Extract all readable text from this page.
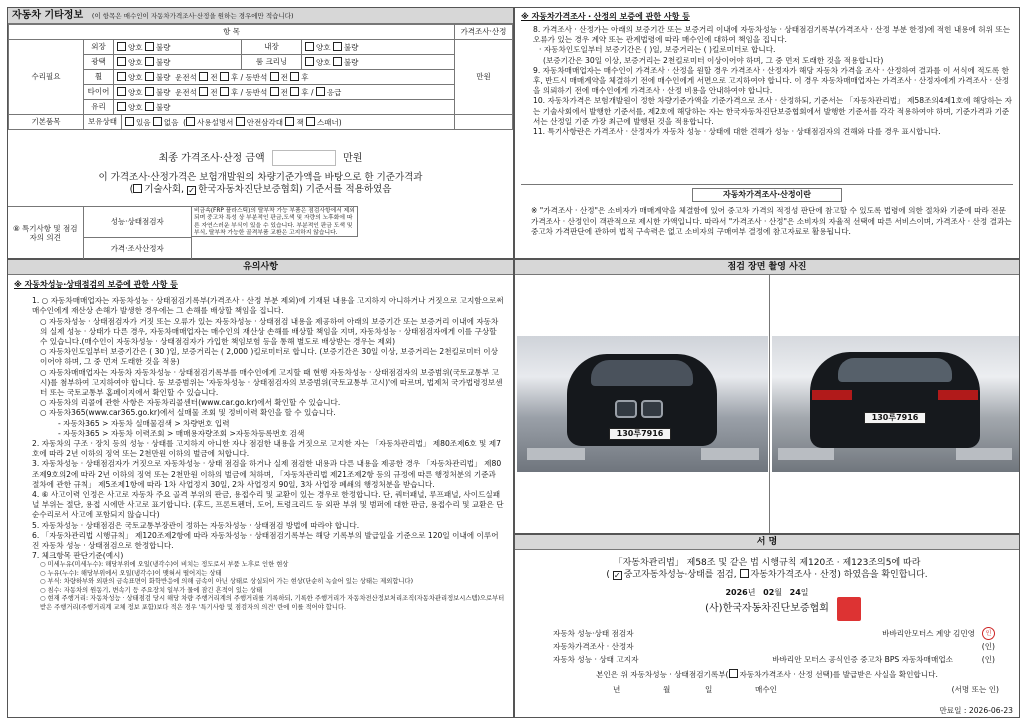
자동차 기타정보 (이 항목은 매수인이 자동차가격조사·산정을 원하는 경우에만 적습니다)
항 목					가격조사·산정
수리필요	외장	양호 불량	내장	양호 불량	만원
	광택	양호 불량	룸 크리닝	양호 불량	
	휠	양호 불량 운전석 전 후 / 동반석 전 후			
	타이어	양호 불량 운전석 전 후 / 동반석 전 후 / 응급			
	유리	양호 불량			

기본품목	보유상태	있음 없음  ( 사용설명서 안전삼각대 잭 스패너)	
최종 가격조사·산정 금액	만원

이 가격조사·산정가격은 보험개발원의 차량기준가액을 바탕으로 한 기준가격과

( 기술사회, ✓ 한국자동차진단보증협회) 기준서를 적용하였음

⑧ 특기사항 및 점검자의 의견	성능·상태점검자
가격·조사산정자
비금속(FRP 플라스틱)의 탈부착 가능 부품은 점검사항에서 제외되며 중고차 특성 상 부분적인 판금,도색 및 자량의 노후화에 따른 자연스러운 부식이 있을 수 있습니다. 부분적인 판금 도색 및 부식, 탈부착 가능한 골격부품 교환은 고지하지 않습니다.

※ 자동차가격조사・산정의 보증에 관한 사항 등

8. 가격조사 · 산정가는 아래의 보증기간 또는 보증거리 이내에 자동차성능 · 상태점검기록부(가격조사 · 산정 부분 한정)에 적힌 내용에 허위 또는 오류가 있는 경우 계약 또는 관계법령에 따라 매수인에 대하여 책임을 집니다.

· 자동차인도일부터 보증기간은 ( )일, 보증거리는 ( )킬로미터로 합니다.

(보증기간은 30일 이상, 보증거리는 2천킬로미터 이상이어야 하며, 그 중 먼저 도래한 것을 적용합니다)

9. 자동차매매업자는 매수인이 가격조사 · 산정을 원할 경우 가격조사 · 산정자가 해당 자동차 가격을 조사 · 산정하여 결과를 이 서식에 적도록 한 후, 반드시 매매계약을 체결하기 전에 매수인에게 서면으로 고지하여야 합니다. 이 경우 자동차매매업자는 가격조사 · 산정자에게 가격조사 · 산정을 의뢰하기 전에 매수인에게 가격조사 · 산정 비용을 안내하여야 합니다.

10. 자동차가격은 보험개발원이 정한 차량기준가액을 기준가격으로 조사 · 산정하되, 기준서는 「자동차관리법」 제58조의4제1호에 해당하는 자는 기술사회에서 발행한 기준서를, 제2호에 해당하는 자는 한국자동차진단보증협회에서 발행한 기준서를 각각 적용하여야 하며, 기준가격과 기준서는 산정일 기준 가장 최근에 발행된 것을 적용합니다.

11. 특기사항란은 가격조사 · 산정자가 자동차 성능 · 상태에 대한 견해가 성능 · 상태점검자의 견해와 다를 경우 표시합니다.

자동차가격조사·산정이란

※ "가격조사 · 산정"은 소비자가 매매계약을 체결함에 있어 중고차 가격의 적정성 판단에 참고할 수 있도록 법령에 의한 절차와 기준에 따라 전문 가격조사 · 산정인이 객관적으로 제시한 가액입니다. 따라서 "가격조사 · 산정"은 소비자의 자율적 선택에 따른 서비스이며, 가격조사 · 산정 결과는 중고차 가격판단에 관하여 법적 구속력은 없고 소비자의 구매여부 결정에 참고자료로 활용됩니다.

유의사항

※ 자동차성능·상태점검의 보증에 관한 사항 등

1. ○ 자동차매매업자는 자동차성능 · 상태점검기록부(가격조사 · 산정 부분 제외)에 기재된 내용을 고지하지 아니하거나 거짓으로 고지함으로써 매수인에게 재산상 손해가 발생한 경우에는 그 손해를 배상할 책임을 집니다.

○ 자동차성능 · 상태점검자가 거짓 또는 오류가 있는 자동차성능 · 상태점검 내용을 제공하여 아래의 보증기간 또는 보증거리 이내에 자동차의 실제 성능 · 상태가 다른 경우, 자동차매매업자는 매수인의 재산상 손해를 배상할 책임을 지며, 자동차성능 · 상태점검자에게 이를 구상할 수 있습니다.(매수인이 자동차성능 · 상태점검자가 가입한 책임보험 등을 통해 별도로 배상받는 경우는 제외)

○ 자동차인도일부터 보증기간은 ( 30 )일, 보증거리는 ( 2,000 )킬로미터로 합니다. (보증기간은 30일 이상, 보증거리는 2천킬로미터 이상이어야 하며, 그 중 먼저 도래한 것을 적용)

○ 자동차매매업자는 자동차 자동차성능 · 상태점검기록부를 매수인에게 고지할 때 현행 자동차성능 · 상태점검자의 보증범위(국토교통부 고시)를 첨부하여 고지하여야 합니다. 동 보증범위는 '자동차성능 · 상태점검자의 보증범위(국토교통부 고시)'에 따르며, 법제처 국가법령정보센터 또는 국토교통부 홈페이지에서 확인할 수 있습니다.

○ 자동차의 리콜에 관한 사항은 자동차리콜센터(www.car.go.kr)에서 확인할 수 있습니다.

○ 자동차365(www.car365.go.kr)에서 실매물 조회 및 정비이력 확인을 할 수 있습니다.

- 자동차365 > 자동차 실매물검색 > 차량번호 입력

- 자동차365 > 자동차 이력조회 > 매매용자량조회 >자동차등록번호 검색

2. 자동차의 구조 · 장치 등의 성능 · 상태를 고지하지 아니한 자나 점검한 내용을 거짓으로 고지한 자는 「자동차관리법」 제80조제6호 및 제7호에 따라 2년 이하의 징역 또는 2천만원 이하의 벌금에 처합니다.

3. 자동차성능 · 상태점검자가 거짓으로 자동차성능 · 상태 점검을 하거나 실제 점검한 내용과 다른 내용을 제공한 경우 「자동차관리법」 제80조제9호의2에 따라 2년 이하의 징역 또는 2천만원 이하의 벌금에 처하며, 「자동차관리법 제21조제2항 등의 규정에 따른 행정처분의 기준과 절차에 관한 규칙」 제5조제1항에 따라 1차 사업정지 30일, 2차 사업정지 90일, 3차 사업장 폐쇄의 행정처분을 받습니다.

4. ⑥ 사고이력 인정은 사고로 자동차 주요 골격 부위의 판금, 용접수리 및 교환이 있는 경우로 한정합니다. 단, 쿼터패널, 루프패널, 사이드실패널 부위는 절단, 용접 시에만 사고로 표기합니다. (후드, 프론트펜더, 도어, 트렁크리드 등 외판 부위 및 범퍼에 대한 판금, 용접수리 및 교환은 단순수리로서 사고에 포함되지 않습니다)

5. 자동차성능 · 상태점검은 국토교통부장관이 정하는 자동차성능 · 상태점검 방법에 따라야 합니다.

6. 「자동차관리법 시행규칙」 제120조제2항에 따라 자동차성능 · 상태점검기록부는 해당 기록부의 발급일을 기준으로 120일 이내에 이루어진 자동차 성능 · 상태점검으로 한정합니다.

7. 체크항목 판단기준(예시)

○ 미세누유(미세누수): 해당부위에 오일(냉각수)이 비치는 정도로서 부품 노후로 인한 현상

○ 누유(누수): 해당부위에서 오일(냉각수)이 맺혀서 떨어지는 상태

○ 부식: 차량하부와 외판의 금속표면이 화학반응에 의해 금속이 아닌 상태로 상실되어 가는 현상(단순히 녹슬어 있는 상태는 제외합니다)

○ 침수: 자동차의 원동기, 변속기 등 주요장치 일부가 물에 잠긴 흔적이 있는 상태

○ 현재 주행거리: 자동차성능 · 상태점검 당시 해당 차량 주행거리계의 주행거리를 기록하되, 기록한 주행거리가 자동차전산정보처리조직(자동차관리정보시스템)으로부터 받은 주행거리(주행거리계 교체 정보 포함)보다 적은 경우 '특기사항 및 점검자의 의견' 란에 이를 적어야 합니다.

점검 장면 촬영 사진
130루7916
130루7916
서 명

「자동차관리법」 제58조 및 같은 법 시행규칙 제120조 · 제123조의5에 따라

( ✓중고자동차성능·상태를 점검, 자동차가격조사 · 산정) 하였음을 확인합니다.

2026년 02월 24일

(사)한국자동차진단보증협회

자동차 성능·상태 점검자	바바리안모터스 계양 김민영	인
자동차가격조사 · 산정자	(인)
자동차 성능 · 상태 고지자	바바리안 모터스 공식인증 중고차 BPS 자동차매매업소	(인)

본인은 위 자동차성능 · 상태점검기록부( 자동차가격조사 · 산정 선택)를 발급받은 사실을 확인합니다.

년	월	일	매수인	(서명 또는 인)

만료일 : 2026-06-23
